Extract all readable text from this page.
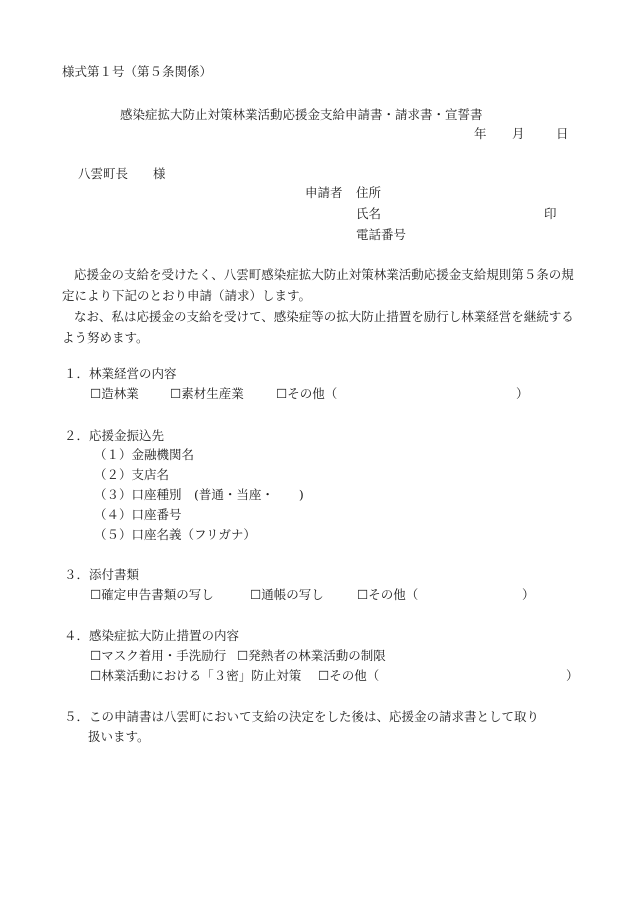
様式第１号（第５条関係）
感染症拡大防止対策林業活動応援金支給申請書・請求書・宣誓書
年 月	日
八雲町長　　様
申請者 住所
氏名	印
電話番号
応援金の支給を受けたく、八雲町感染症拡大防止対策林業活動応援金支給規則第５条の規定により下記のとおり申請（請求）します。
なお、私は応援金の支給を受けて、感染症等の拡大防止措置を励行し林業経営を継続するよう努めます。
１．林業経営の内容
☐造林業	☐素材生産業	☐その他（	）
２．応援金振込先
（１）金融機関名
（２）支店名
（３）口座種別　(普通・当座・　　)
（４）口座番号
（５）口座名義（フリガナ）
３．添付書類
☐確定申告書類の写し	☐通帳の写し	☐その他（	）
４．感染症拡大防止措置の内容
☐マスク着用・手洗励行 ☐発熱者の林業活動の制限
☐林業活動における「３密」防止対策 ☐その他（	）
５．この申請書は八雲町において支給の決定をした後は、応援金の請求書として取り
扱います。
